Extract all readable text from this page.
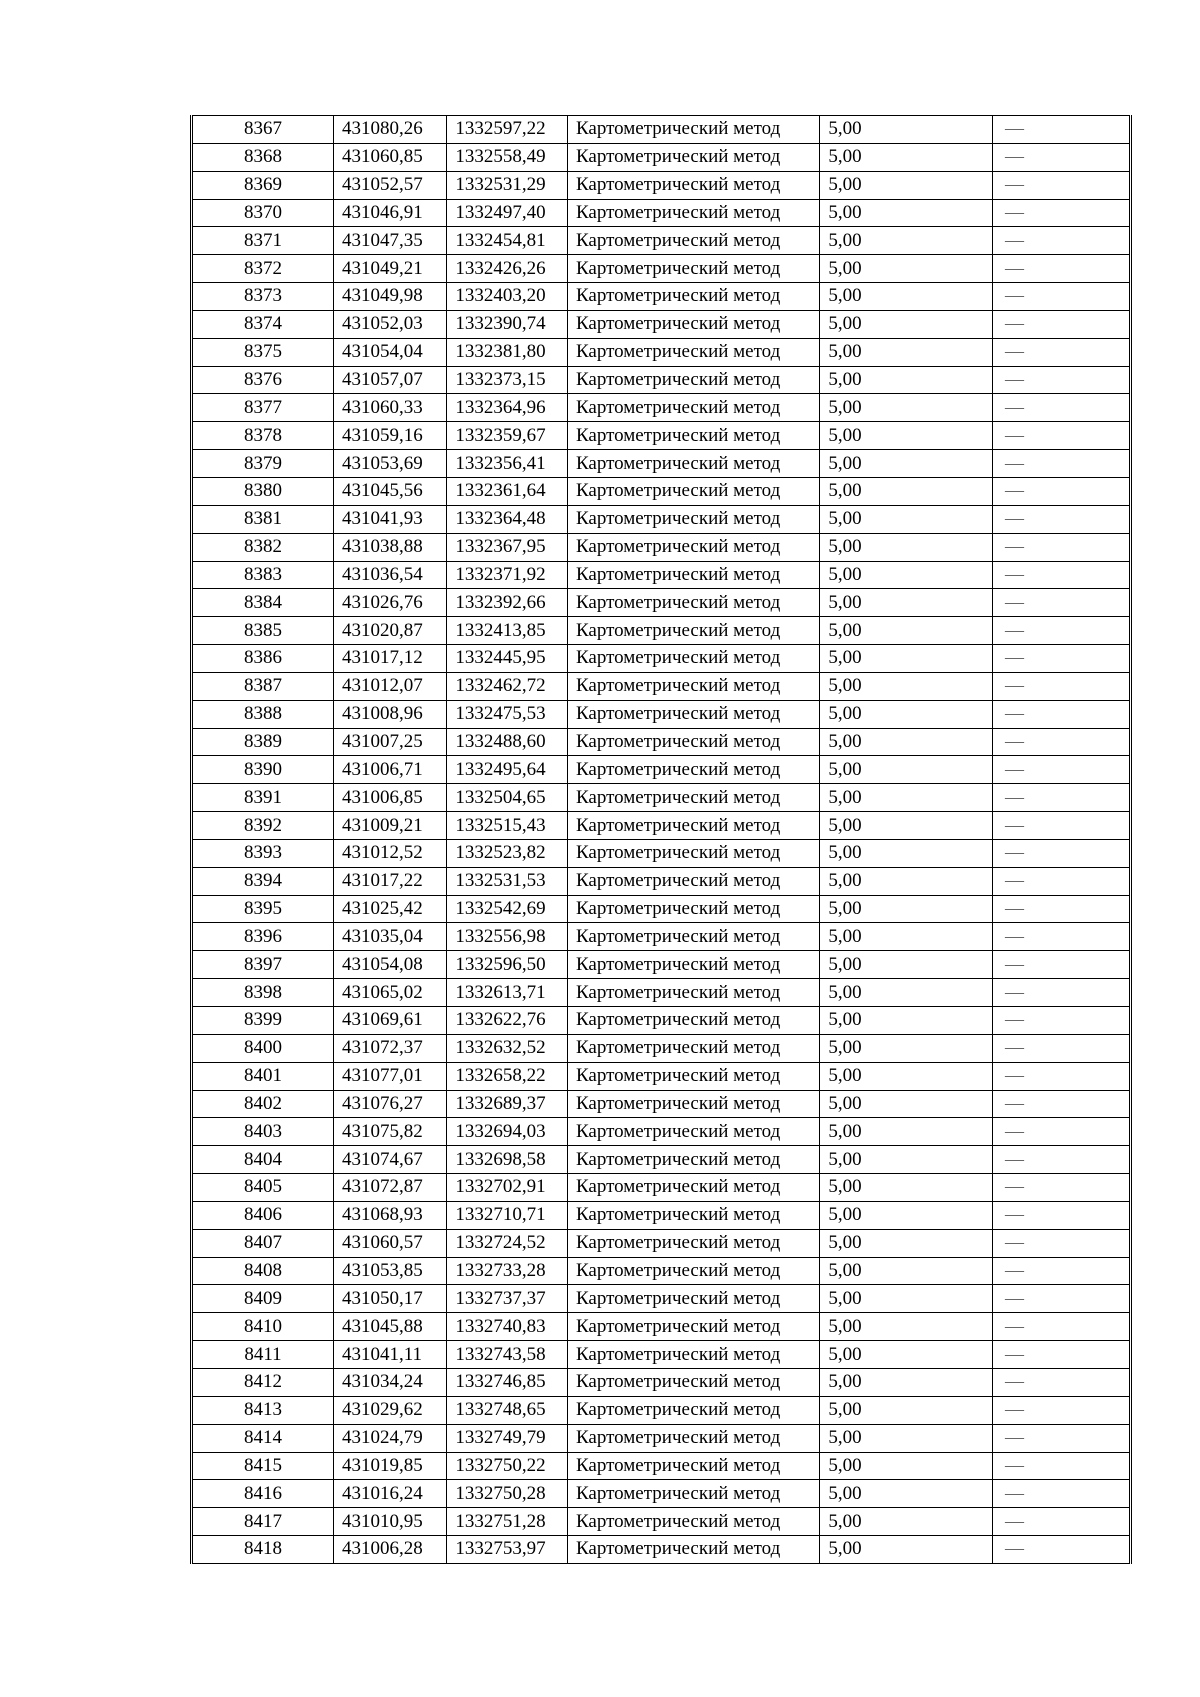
8367	431080,26	1332597,22	Картометрический метод	5,00	—
8368	431060,85	1332558,49	Картометрический метод	5,00	—
8369	431052,57	1332531,29	Картометрический метод	5,00	—
8370	431046,91	1332497,40	Картометрический метод	5,00	—
8371	431047,35	1332454,81	Картометрический метод	5,00	—
8372	431049,21	1332426,26	Картометрический метод	5,00	—
8373	431049,98	1332403,20	Картометрический метод	5,00	—
8374	431052,03	1332390,74	Картометрический метод	5,00	—
8375	431054,04	1332381,80	Картометрический метод	5,00	—
8376	431057,07	1332373,15	Картометрический метод	5,00	—
8377	431060,33	1332364,96	Картометрический метод	5,00	—
8378	431059,16	1332359,67	Картометрический метод	5,00	—
8379	431053,69	1332356,41	Картометрический метод	5,00	—
8380	431045,56	1332361,64	Картометрический метод	5,00	—
8381	431041,93	1332364,48	Картометрический метод	5,00	—
8382	431038,88	1332367,95	Картометрический метод	5,00	—
8383	431036,54	1332371,92	Картометрический метод	5,00	—
8384	431026,76	1332392,66	Картометрический метод	5,00	—
8385	431020,87	1332413,85	Картометрический метод	5,00	—
8386	431017,12	1332445,95	Картометрический метод	5,00	—
8387	431012,07	1332462,72	Картометрический метод	5,00	—
8388	431008,96	1332475,53	Картометрический метод	5,00	—
8389	431007,25	1332488,60	Картометрический метод	5,00	—
8390	431006,71	1332495,64	Картометрический метод	5,00	—
8391	431006,85	1332504,65	Картометрический метод	5,00	—
8392	431009,21	1332515,43	Картометрический метод	5,00	—
8393	431012,52	1332523,82	Картометрический метод	5,00	—
8394	431017,22	1332531,53	Картометрический метод	5,00	—
8395	431025,42	1332542,69	Картометрический метод	5,00	—
8396	431035,04	1332556,98	Картометрический метод	5,00	—
8397	431054,08	1332596,50	Картометрический метод	5,00	—
8398	431065,02	1332613,71	Картометрический метод	5,00	—
8399	431069,61	1332622,76	Картометрический метод	5,00	—
8400	431072,37	1332632,52	Картометрический метод	5,00	—
8401	431077,01	1332658,22	Картометрический метод	5,00	—
8402	431076,27	1332689,37	Картометрический метод	5,00	—
8403	431075,82	1332694,03	Картометрический метод	5,00	—
8404	431074,67	1332698,58	Картометрический метод	5,00	—
8405	431072,87	1332702,91	Картометрический метод	5,00	—
8406	431068,93	1332710,71	Картометрический метод	5,00	—
8407	431060,57	1332724,52	Картометрический метод	5,00	—
8408	431053,85	1332733,28	Картометрический метод	5,00	—
8409	431050,17	1332737,37	Картометрический метод	5,00	—
8410	431045,88	1332740,83	Картометрический метод	5,00	—
8411	431041,11	1332743,58	Картометрический метод	5,00	—
8412	431034,24	1332746,85	Картометрический метод	5,00	—
8413	431029,62	1332748,65	Картометрический метод	5,00	—
8414	431024,79	1332749,79	Картометрический метод	5,00	—
8415	431019,85	1332750,22	Картометрический метод	5,00	—
8416	431016,24	1332750,28	Картометрический метод	5,00	—
8417	431010,95	1332751,28	Картометрический метод	5,00	—
8418	431006,28	1332753,97	Картометрический метод	5,00	—
